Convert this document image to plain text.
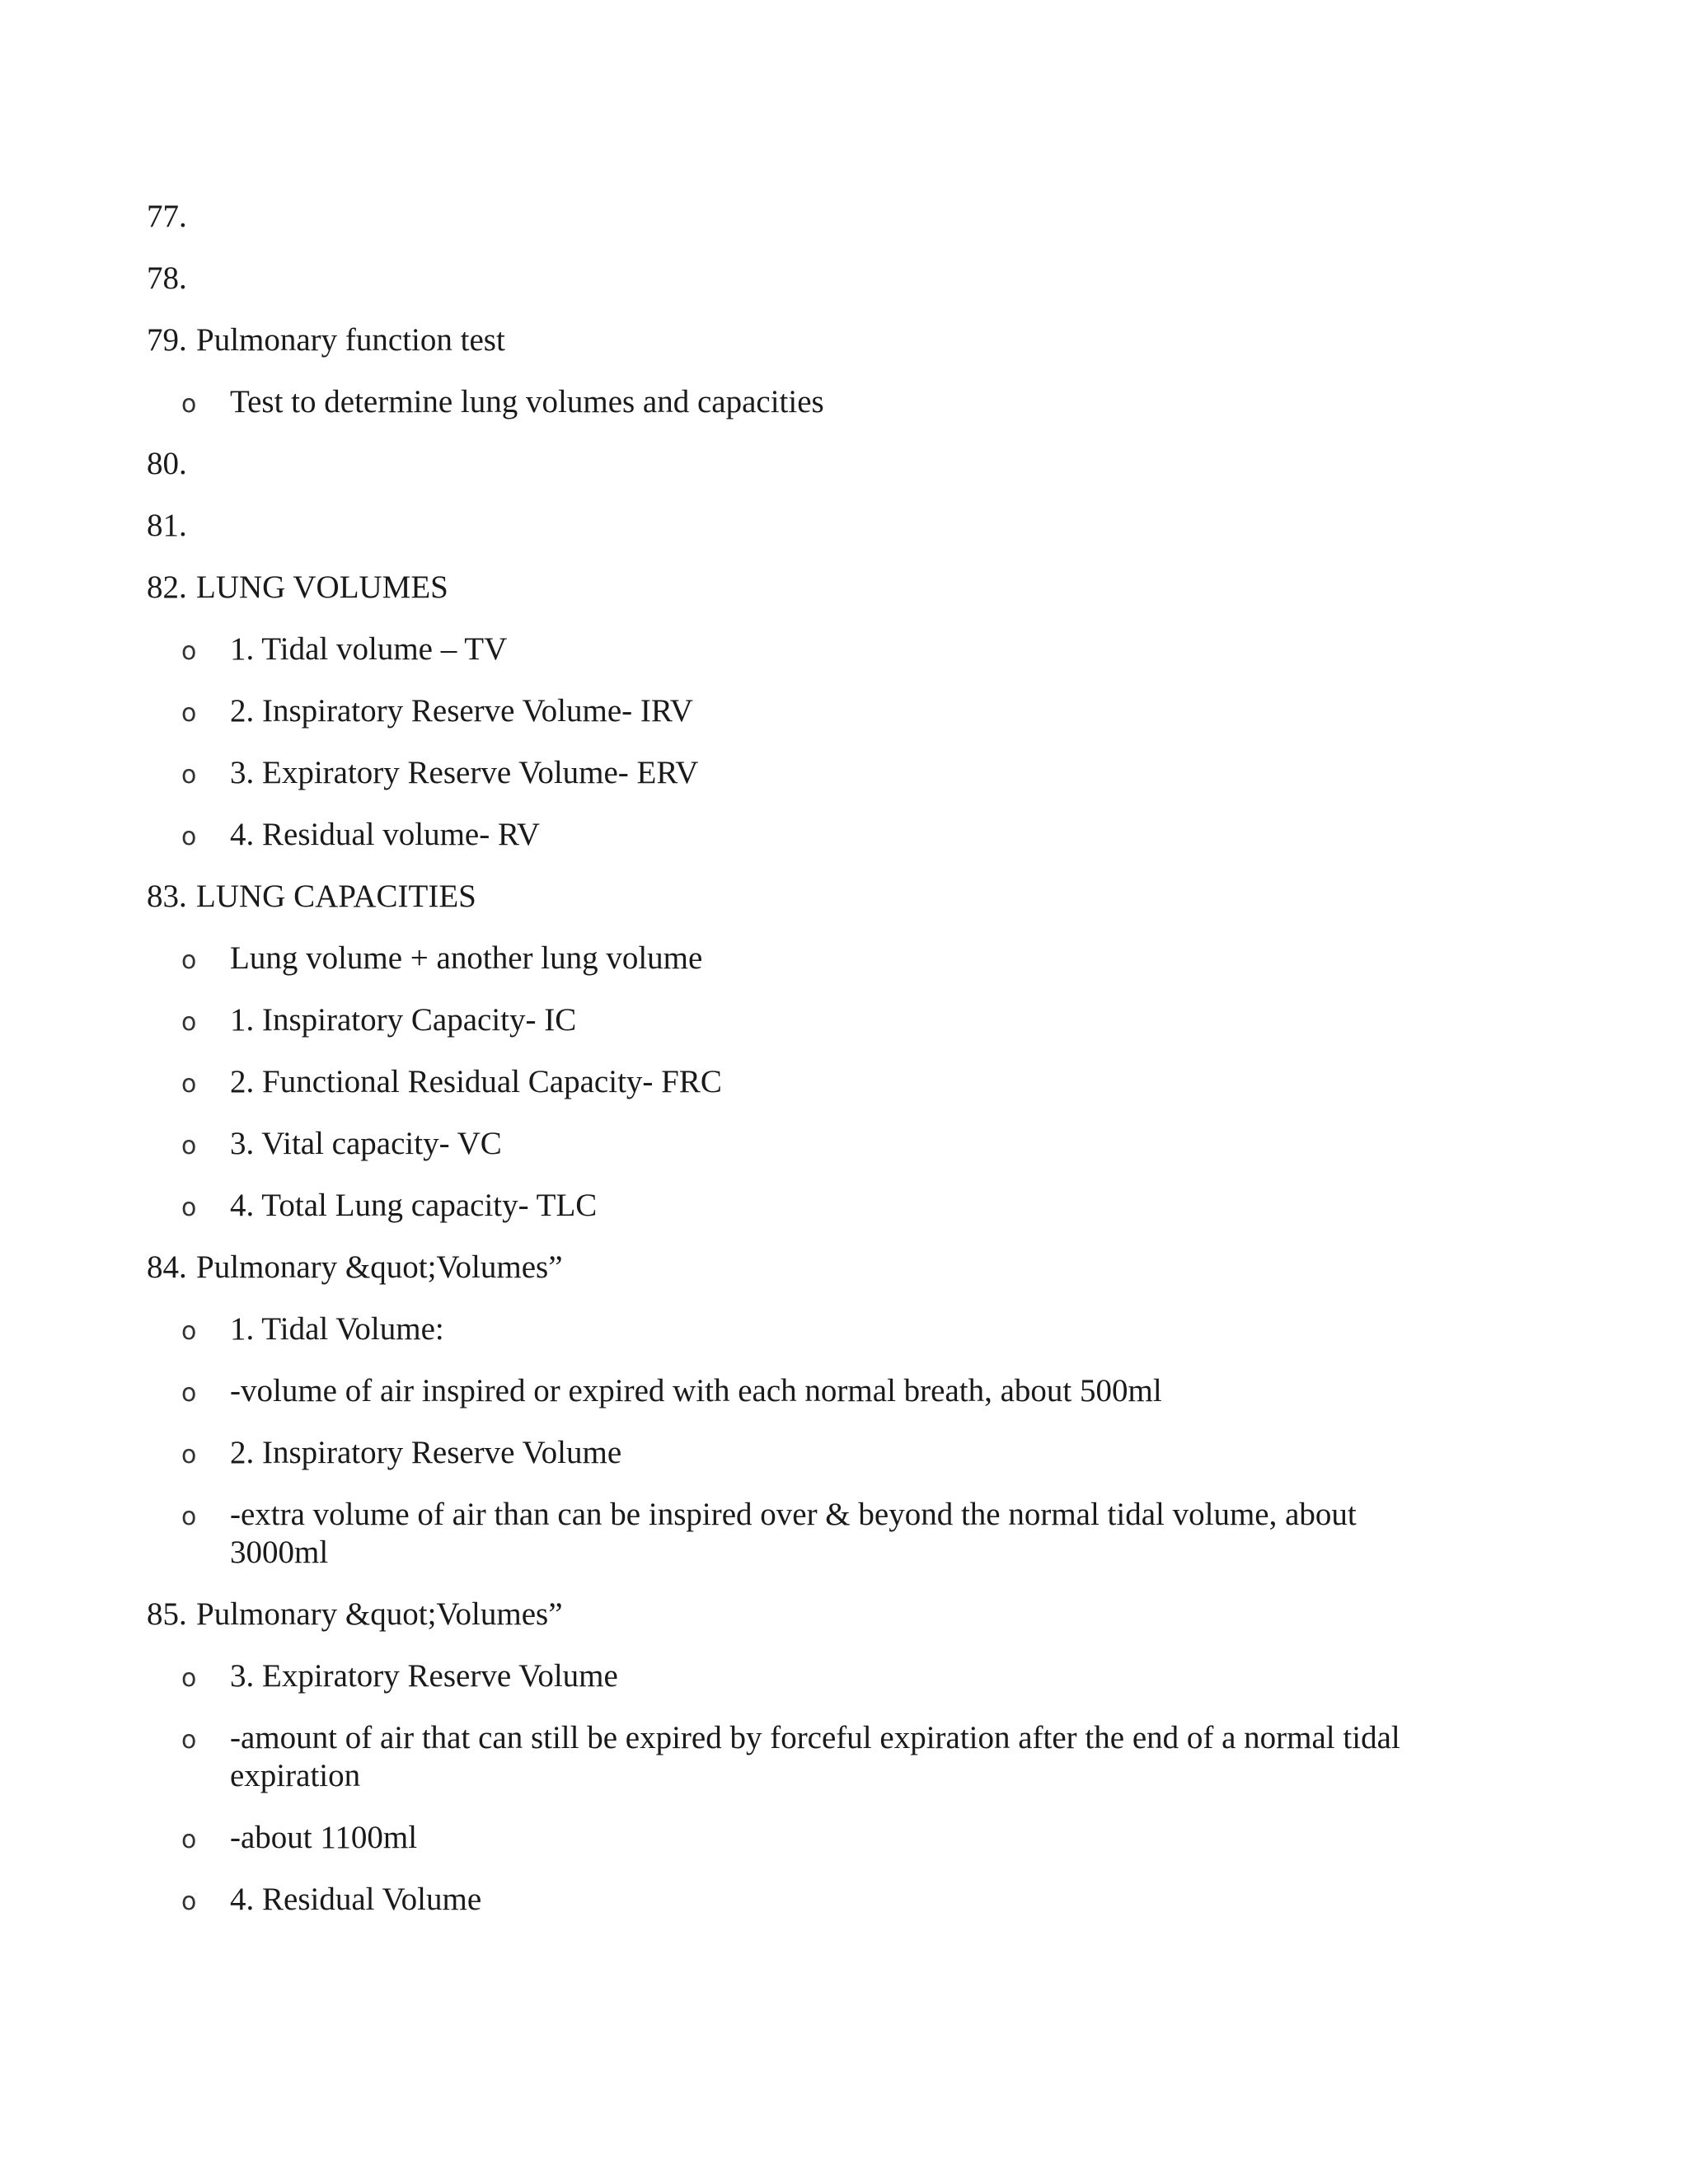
77.
78.
79. Pulmonary function test
o Test to determine lung volumes and capacities
80.
81.
82. LUNG VOLUMES
o 1. Tidal volume – TV
o 2. Inspiratory Reserve Volume- IRV
o 3. Expiratory Reserve Volume- ERV
o 4. Residual volume- RV
83. LUNG CAPACITIES
o Lung volume + another lung volume
o 1. Inspiratory Capacity- IC
o 2. Functional Residual Capacity- FRC
o 3. Vital capacity- VC
o 4. Total Lung capacity- TLC
84. Pulmonary &quot;Volumes”
o 1. Tidal Volume:
o -volume of air inspired or expired with each normal breath, about 500ml
o 2. Inspiratory Reserve Volume
o -extra volume of air than can be inspired over & beyond the normal tidal volume, about 3000ml
85. Pulmonary &quot;Volumes”
o 3. Expiratory Reserve Volume
o -amount of air that can still be expired by forceful expiration after the end of a normal tidal expiration
o -about 1100ml
o 4. Residual Volume
